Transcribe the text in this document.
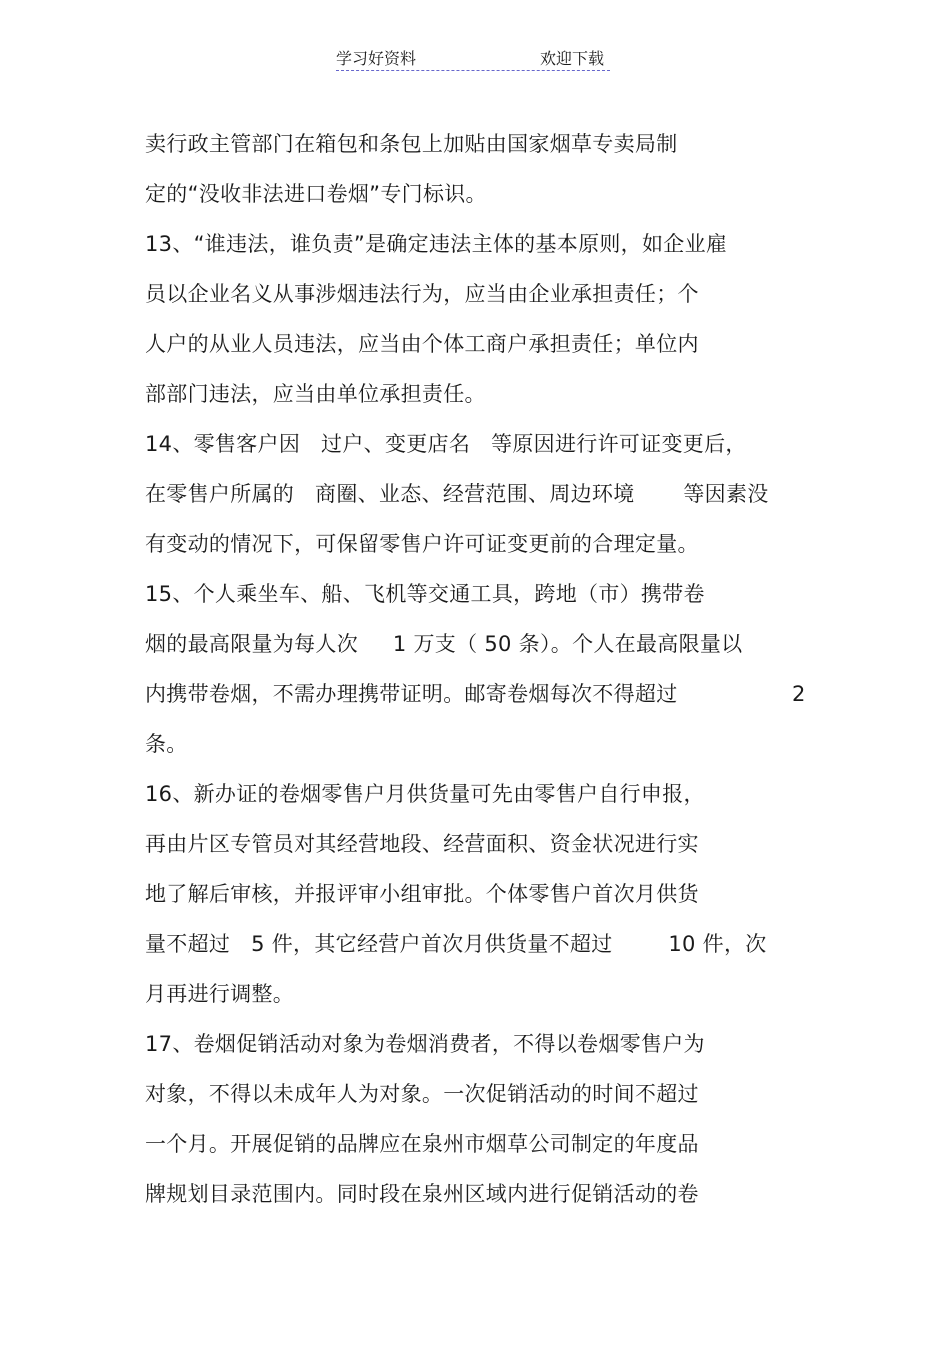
学习好资料	欢迎下载
卖行政主管部门在箱包和条包上加贴由国家烟草专卖局制
定的“没收非法进口卷烟”专门标识。
13、“谁违法，谁负责”是确定违法主体的基本原则，如企业雇
员以企业名义从事涉烟违法行为，应当由企业承担责任；个
人户的从业人员违法，应当由个体工商户承担责任；单位内
部部门违法，应当由单位承担责任。
14、零售客户因   过户、变更店名   等原因进行许可证变更后，
在零售户所属的   商圈、业态、经营范围、周边环境       等因素没
有变动的情况下，可保留零售户许可证变更前的合理定量。
15、个人乘坐车、船、飞机等交通工具，跨地（市）携带卷
烟的最高限量为每人次     1 万支（ 50 条）。个人在最高限量以
内携带卷烟，不需办理携带证明。邮寄卷烟每次不得超过	2
条。
16、新办证的卷烟零售户月供货量可先由零售户自行申报，
再由片区专管员对其经营地段、经营面积、资金状况进行实
地了解后审核，并报评审小组审批。个体零售户首次月供货
量不超过   5 件，其它经营户首次月供货量不超过        10 件，次
月再进行调整。
17、卷烟促销活动对象为卷烟消费者，不得以卷烟零售户为
对象，不得以未成年人为对象。一次促销活动的时间不超过
一个月。开展促销的品牌应在泉州市烟草公司制定的年度品
牌规划目录范围内。同时段在泉州区域内进行促销活动的卷
